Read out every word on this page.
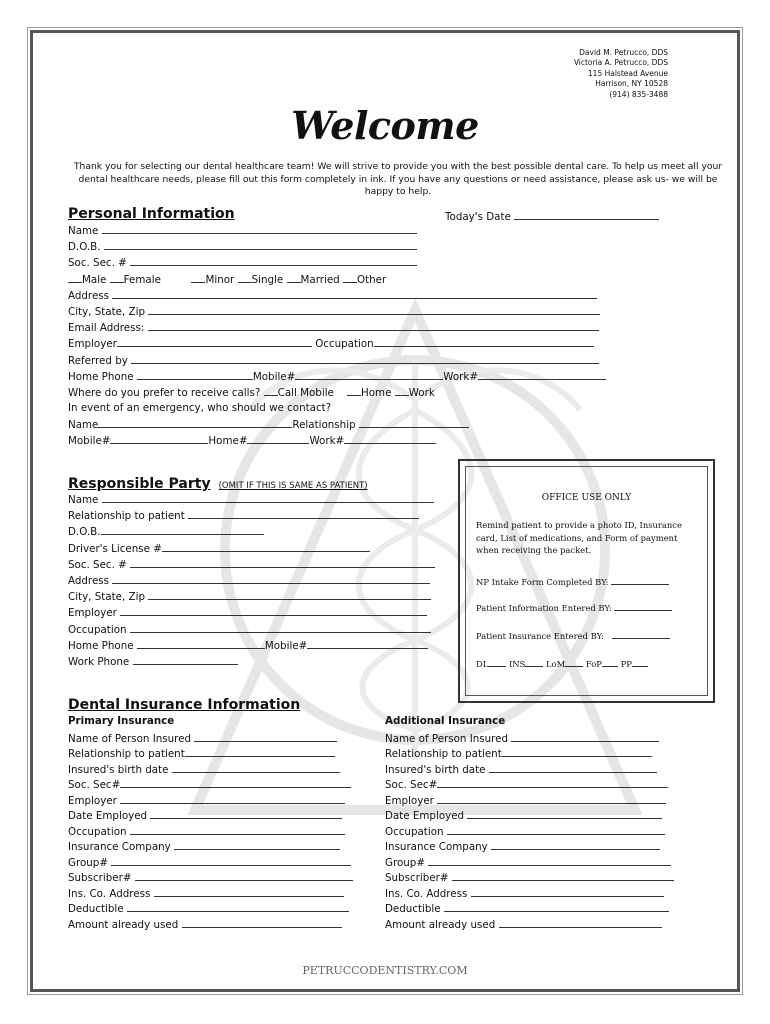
David M. Petrucco, DDS
Victoria A. Petrucco, DDS
115 Halstead Avenue
Harrison, NY 10528
(914) 835-3488
Welcome
Thank you for selecting our dental healthcare team! We will strive to provide you with the best possible dental care. To help us meet all your dental healthcare needs, please fill out this form completely in ink. If you have any questions or need assistance, please ask us- we will be happy to help.
Personal Information	Today's Date
Name
D.O.B.
Soc. Sec. #
Male Female	Minor Single Married Other
Address
City, State, Zip
Email Address:
Employer	Occupation
Referred by
Home Phone	Mobile#	Work#
Where do you prefer to receive calls? Call Mobile	Home Work
In event of an emergency, who should we contact?
Name	Relationship
Mobile#	Home#	Work#
Responsible Party (OMIT IF THIS IS SAME AS PATIENT)
Name
Relationship to patient
D.O.B.
Driver's License #
Soc. Sec. #
Address
City, State, Zip
Employer
Occupation
Home Phone	Mobile#
Work Phone
OFFICE USE ONLY
Remind patient to provide a photo ID, Insurance card, List of medications, and Form of payment when receiving the packet.
NP Intake Form Completed BY:
Patient Information Entered BY:
Patient Insurance Entered BY:
DL INS LoM FoP PP
Dental Insurance Information
Primary Insurance
Name of Person Insured
Relationship to patient
Insured's birth date
Soc. Sec#
Employer
Date Employed
Occupation
Insurance Company
Group#
Subscriber#
Ins. Co. Address
Deductible
Amount already used
Additional Insurance
Name of Person Insured
Relationship to patient
Insured's birth date
Soc. Sec#
Employer
Date Employed
Occupation
Insurance Company
Group#
Subscriber#
Ins. Co. Address
Deductible
Amount already used
PETRUCCODENTISTRY.COM
